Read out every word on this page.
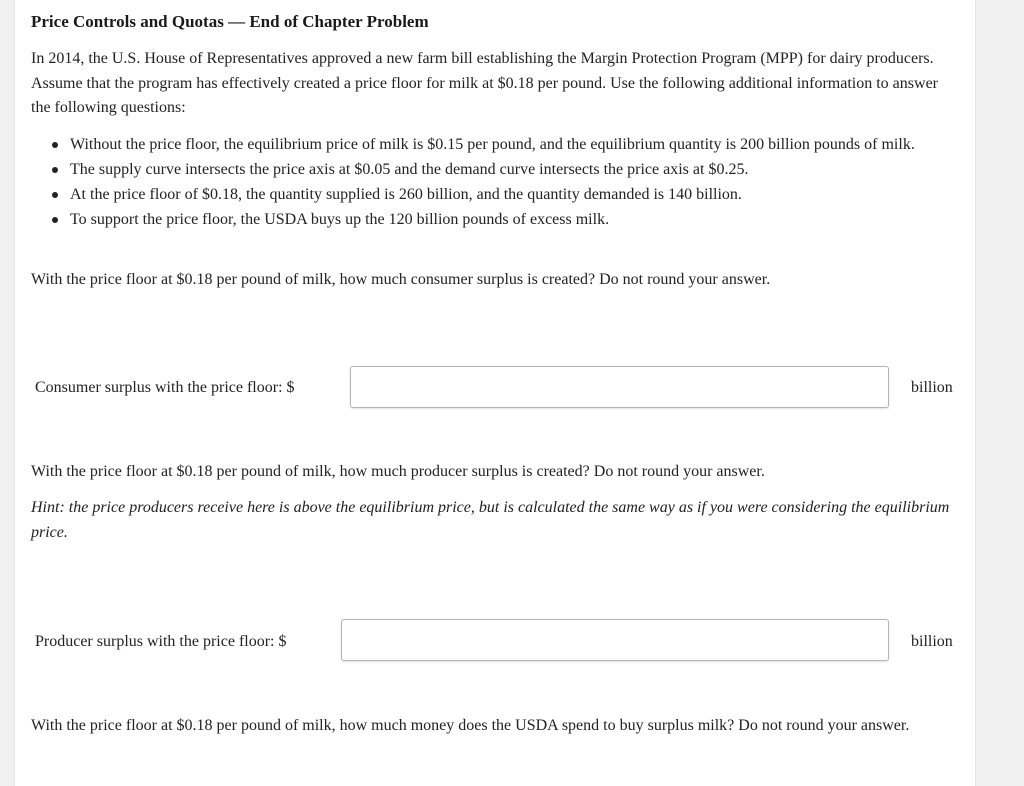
Price Controls and Quotas — End of Chapter Problem

In 2014, the U.S. House of Representatives approved a new farm bill establishing the Margin Protection Program (MPP) for dairy producers. Assume that the program has effectively created a price floor for milk at $0.18 per pound. Use the following additional information to answer the following questions:

Without the price floor, the equilibrium price of milk is $0.15 per pound, and the equilibrium quantity is 200 billion pounds of milk.
The supply curve intersects the price axis at $0.05 and the demand curve intersects the price axis at $0.25.
At the price floor of $0.18, the quantity supplied is 260 billion, and the quantity demanded is 140 billion.
To support the price floor, the USDA buys up the 120 billion pounds of excess milk.

With the price floor at $0.18 per pound of milk, how much consumer surplus is created? Do not round your answer.

Consumer surplus with the price floor: $	billion

With the price floor at $0.18 per pound of milk, how much producer surplus is created? Do not round your answer.

Hint: the price producers receive here is above the equilibrium price, but is calculated the same way as if you were considering the equilibrium price.

Producer surplus with the price floor: $	billion

With the price floor at $0.18 per pound of milk, how much money does the USDA spend to buy surplus milk? Do not round your answer.
